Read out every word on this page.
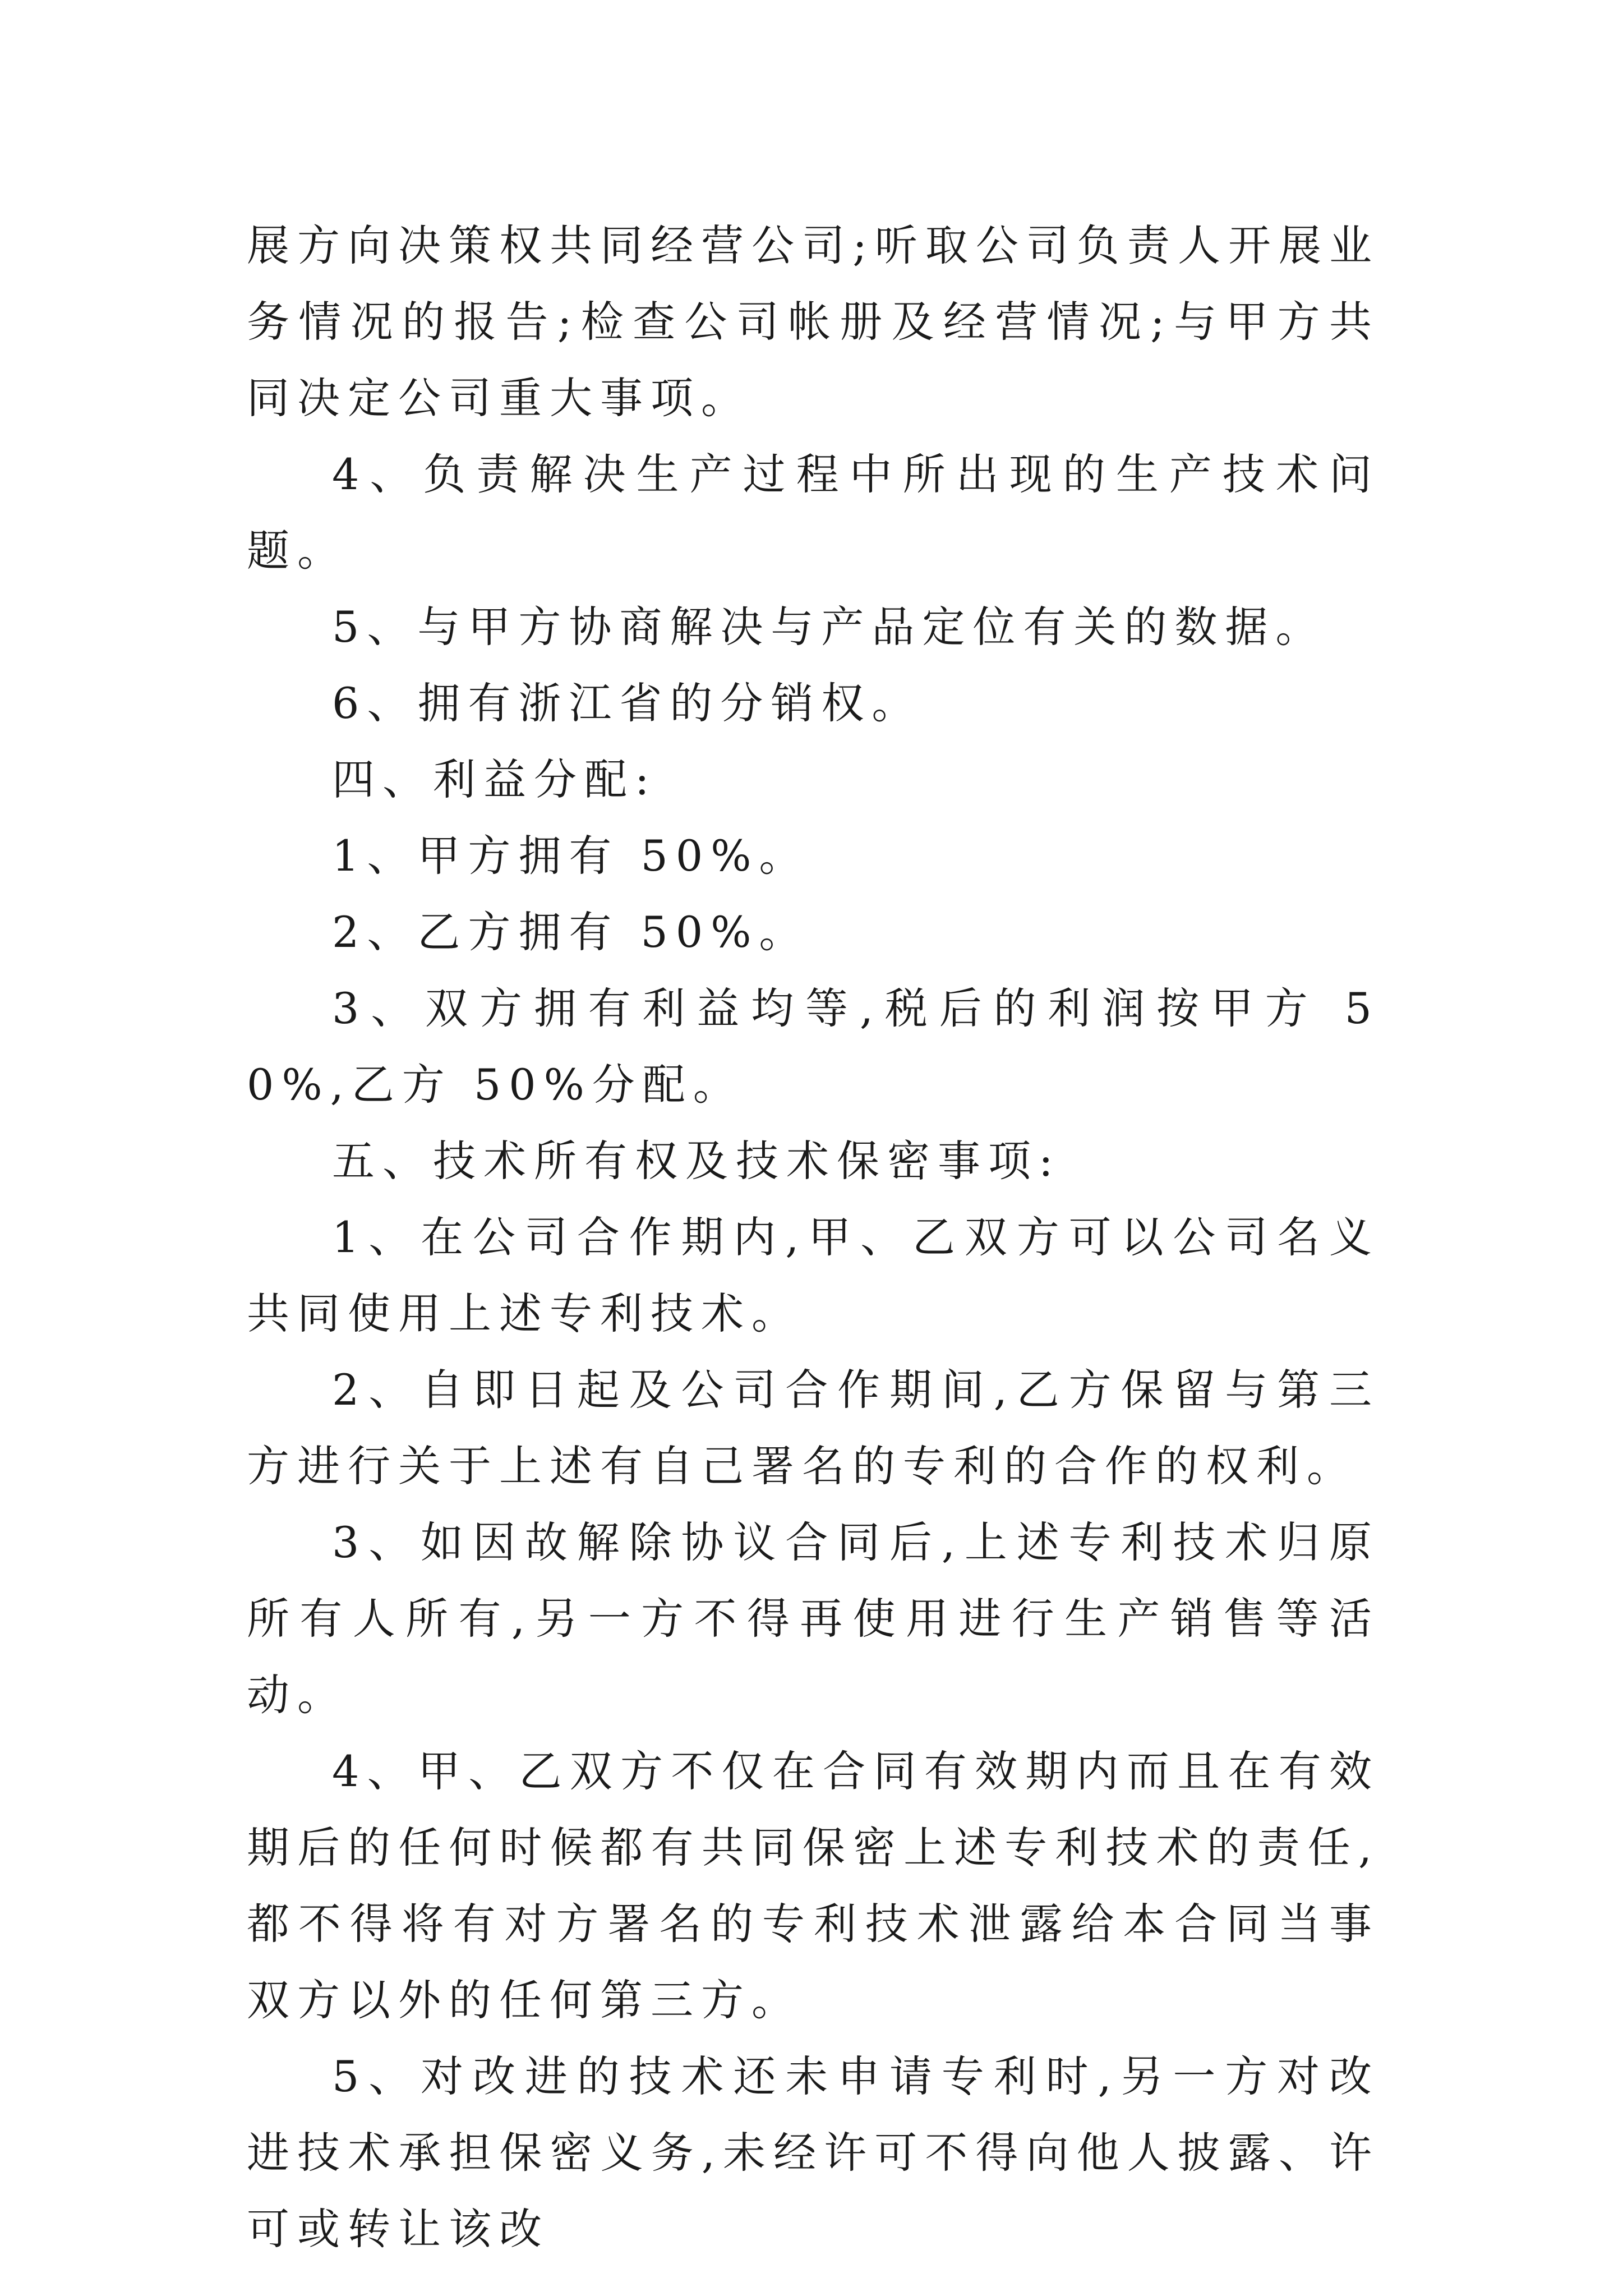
展方向决策权共同经营公司;听取公司负责人开展业务情况的报告;检查公司帐册及经营情况;与甲方共同决定公司重大事项。

4、负责解决生产过程中所出现的生产技术问题。

5、与甲方协商解决与产品定位有关的数据。

6、拥有浙江省的分销权。

四、利益分配:

1、甲方拥有 50%。

2、乙方拥有 50%。

3、双方拥有利益均等,税后的利润按甲方 50%,乙方 50%分配。

五、技术所有权及技术保密事项:

1、在公司合作期内,甲、乙双方可以公司名义共同使用上述专利技术。

2、自即日起及公司合作期间,乙方保留与第三方进行关于上述有自己署名的专利的合作的权利。

3、如因故解除协议合同后,上述专利技术归原所有人所有,另一方不得再使用进行生产销售等活动。

4、甲、乙双方不仅在合同有效期内而且在有效期后的任何时候都有共同保密上述专利技术的责任,都不得将有对方署名的专利技术泄露给本合同当事双方以外的任何第三方。

5、对改进的技术还未申请专利时,另一方对改进技术承担保密义务,未经许可不得向他人披露、许可或转让该改
